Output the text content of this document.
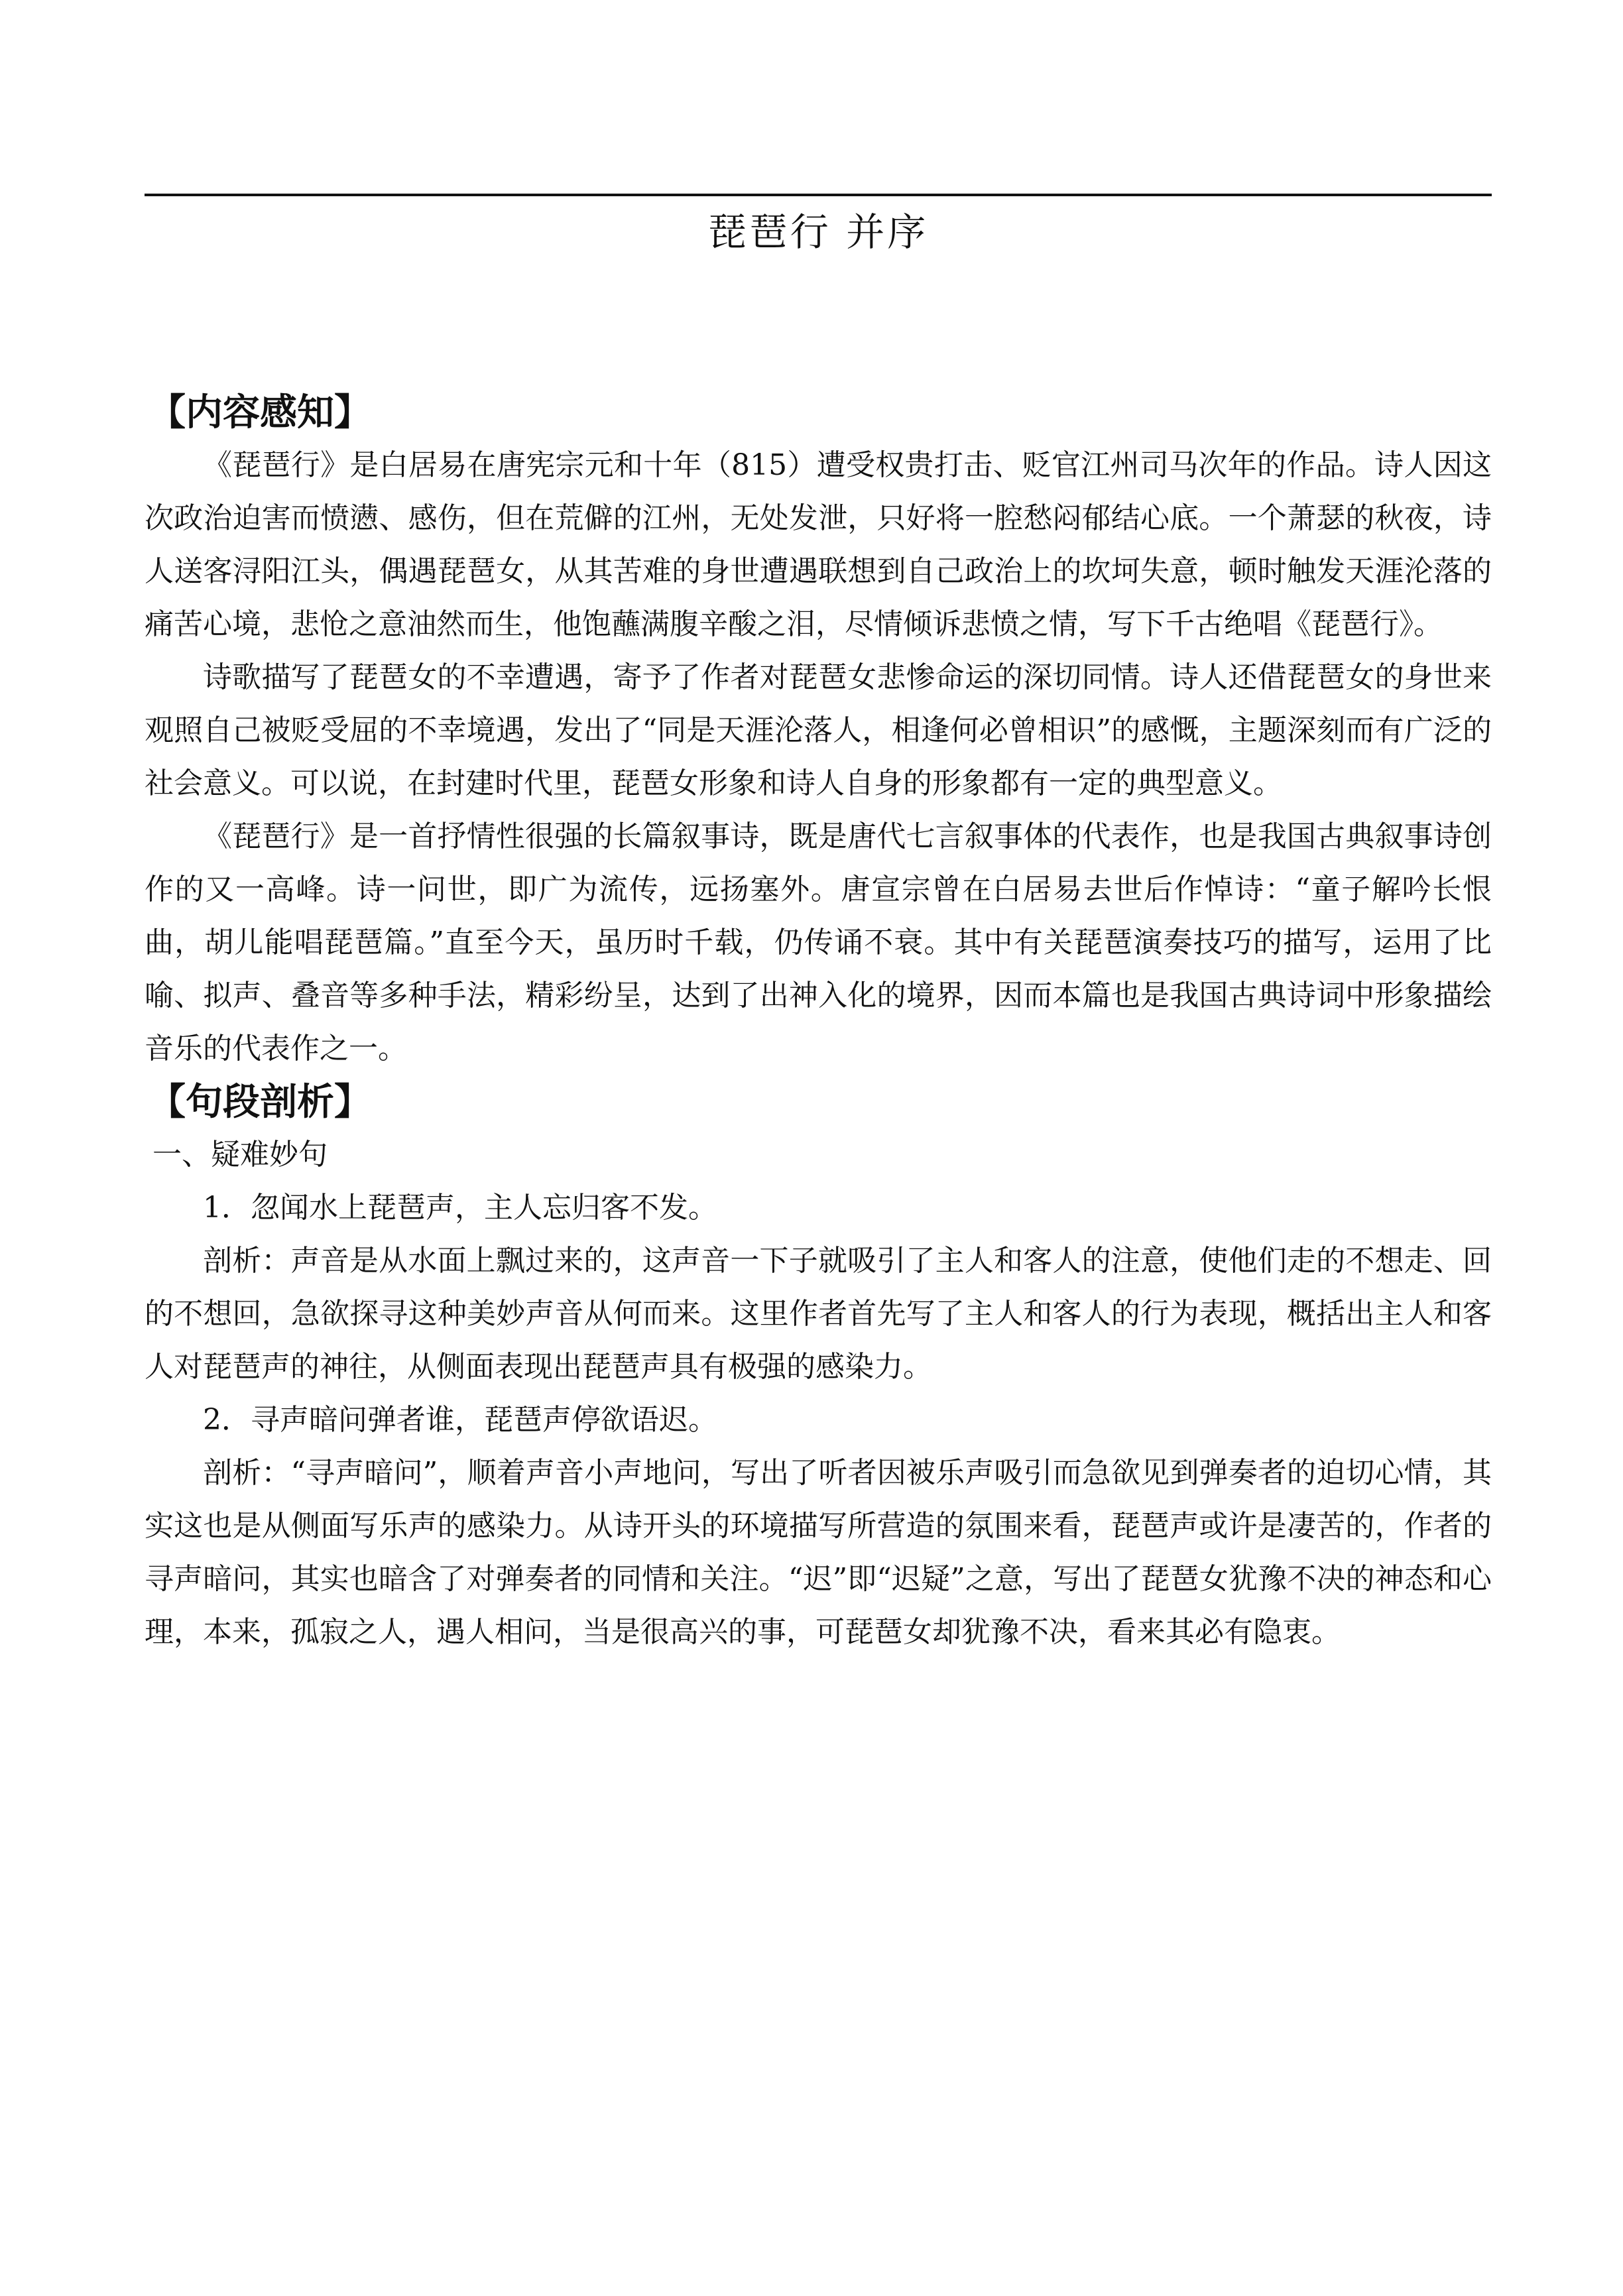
琵琶行 并序
【内容感知】

《琵琶行》是白居易在唐宪宗元和十年（815）遭受权贵打击、贬官江州司马次年的作品。诗人因这次政治迫害而愤懑、感伤，但在荒僻的江州，无处发泄，只好将一腔愁闷郁结心底。一个萧瑟的秋夜，诗人送客浔阳江头，偶遇琵琶女，从其苦难的身世遭遇联想到自己政治上的坎坷失意，顿时触发天涯沦落的痛苦心境，悲怆之意油然而生，他饱蘸满腹辛酸之泪，尽情倾诉悲愤之情，写下千古绝唱《琵琶行》。

诗歌描写了琵琶女的不幸遭遇，寄予了作者对琵琶女悲惨命运的深切同情。诗人还借琵琶女的身世来观照自己被贬受屈的不幸境遇，发出了“同是天涯沦落人，相逢何必曾相识”的感慨，主题深刻而有广泛的社会意义。可以说，在封建时代里，琵琶女形象和诗人自身的形象都有一定的典型意义。

《琵琶行》是一首抒情性很强的长篇叙事诗，既是唐代七言叙事体的代表作，也是我国古典叙事诗创作的又一高峰。诗一问世，即广为流传，远扬塞外。唐宣宗曾在白居易去世后作悼诗：“童子解吟长恨曲，胡儿能唱琵琶篇。”直至今天，虽历时千载，仍传诵不衰。其中有关琵琶演奏技巧的描写，运用了比喻、拟声、叠音等多种手法，精彩纷呈，达到了出神入化的境界，因而本篇也是我国古典诗词中形象描绘音乐的代表作之一。

【句段剖析】

一、疑难妙句

1．忽闻水上琵琶声，主人忘归客不发。

剖析：声音是从水面上飘过来的，这声音一下子就吸引了主人和客人的注意，使他们走的不想走、回的不想回，急欲探寻这种美妙声音从何而来。这里作者首先写了主人和客人的行为表现，概括出主人和客人对琵琶声的神往，从侧面表现出琵琶声具有极强的感染力。

2．寻声暗问弹者谁，琵琶声停欲语迟。

剖析：“寻声暗问”，顺着声音小声地问，写出了听者因被乐声吸引而急欲见到弹奏者的迫切心情，其实这也是从侧面写乐声的感染力。从诗开头的环境描写所营造的氛围来看，琵琶声或许是凄苦的，作者的寻声暗问，其实也暗含了对弹奏者的同情和关注。“迟”即“迟疑”之意，写出了琵琶女犹豫不决的神态和心理，本来，孤寂之人，遇人相问，当是很高兴的事，可琵琶女却犹豫不决，看来其必有隐衷。
